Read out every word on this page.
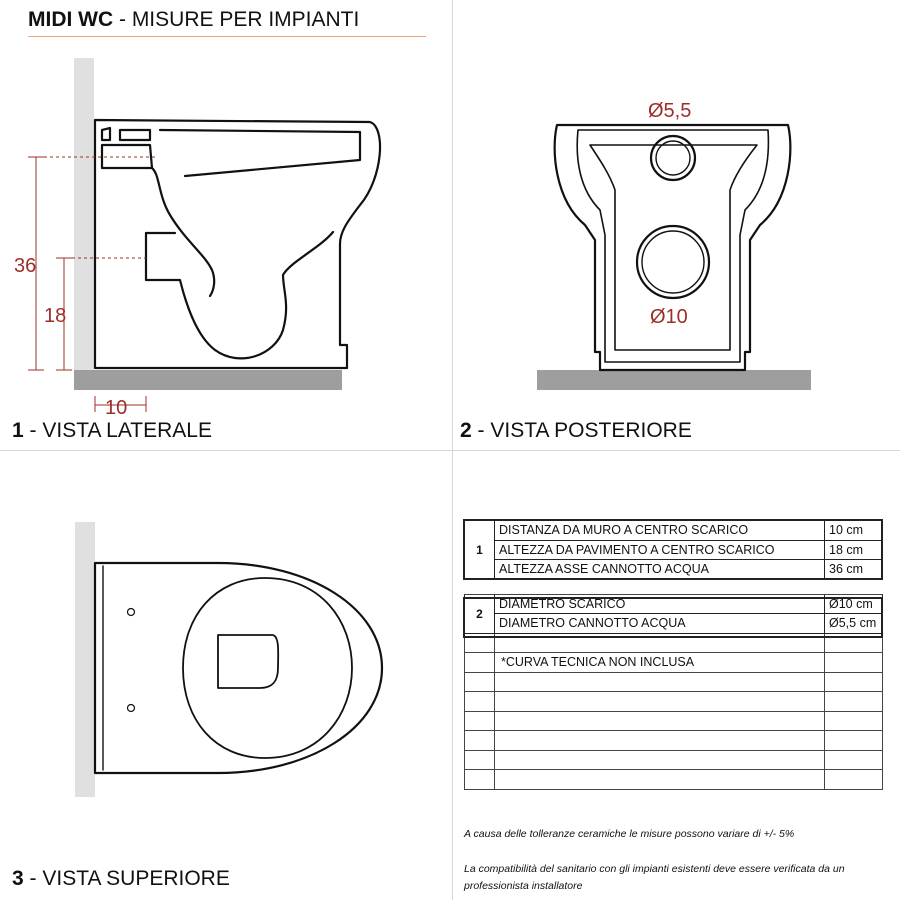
MIDI WC - MISURE PER IMPIANTI
36
18
10
Ø5,5
Ø10
1 - VISTA LATERALE	2 - VISTA POSTERIORE
3 - VISTA SUPERIORE
1	DISTANZA DA MURO A CENTRO SCARICO	10 cm
	ALTEZZA DA PAVIMENTO A CENTRO SCARICO	18 cm
	ALTEZZA ASSE CANNOTTO ACQUA	36 cm

2	DIAMETRO SCARICO	Ø10 cm
	DIAMETRO CANNOTTO ACQUA	Ø5,5 cm

	*CURVA TECNICA NON INCLUSA	

A causa delle tolleranze ceramiche le misure possono variare di +/- 5%
La compatibilità del sanitario con gli impianti esistenti deve essere verificata da un professionista installatore
